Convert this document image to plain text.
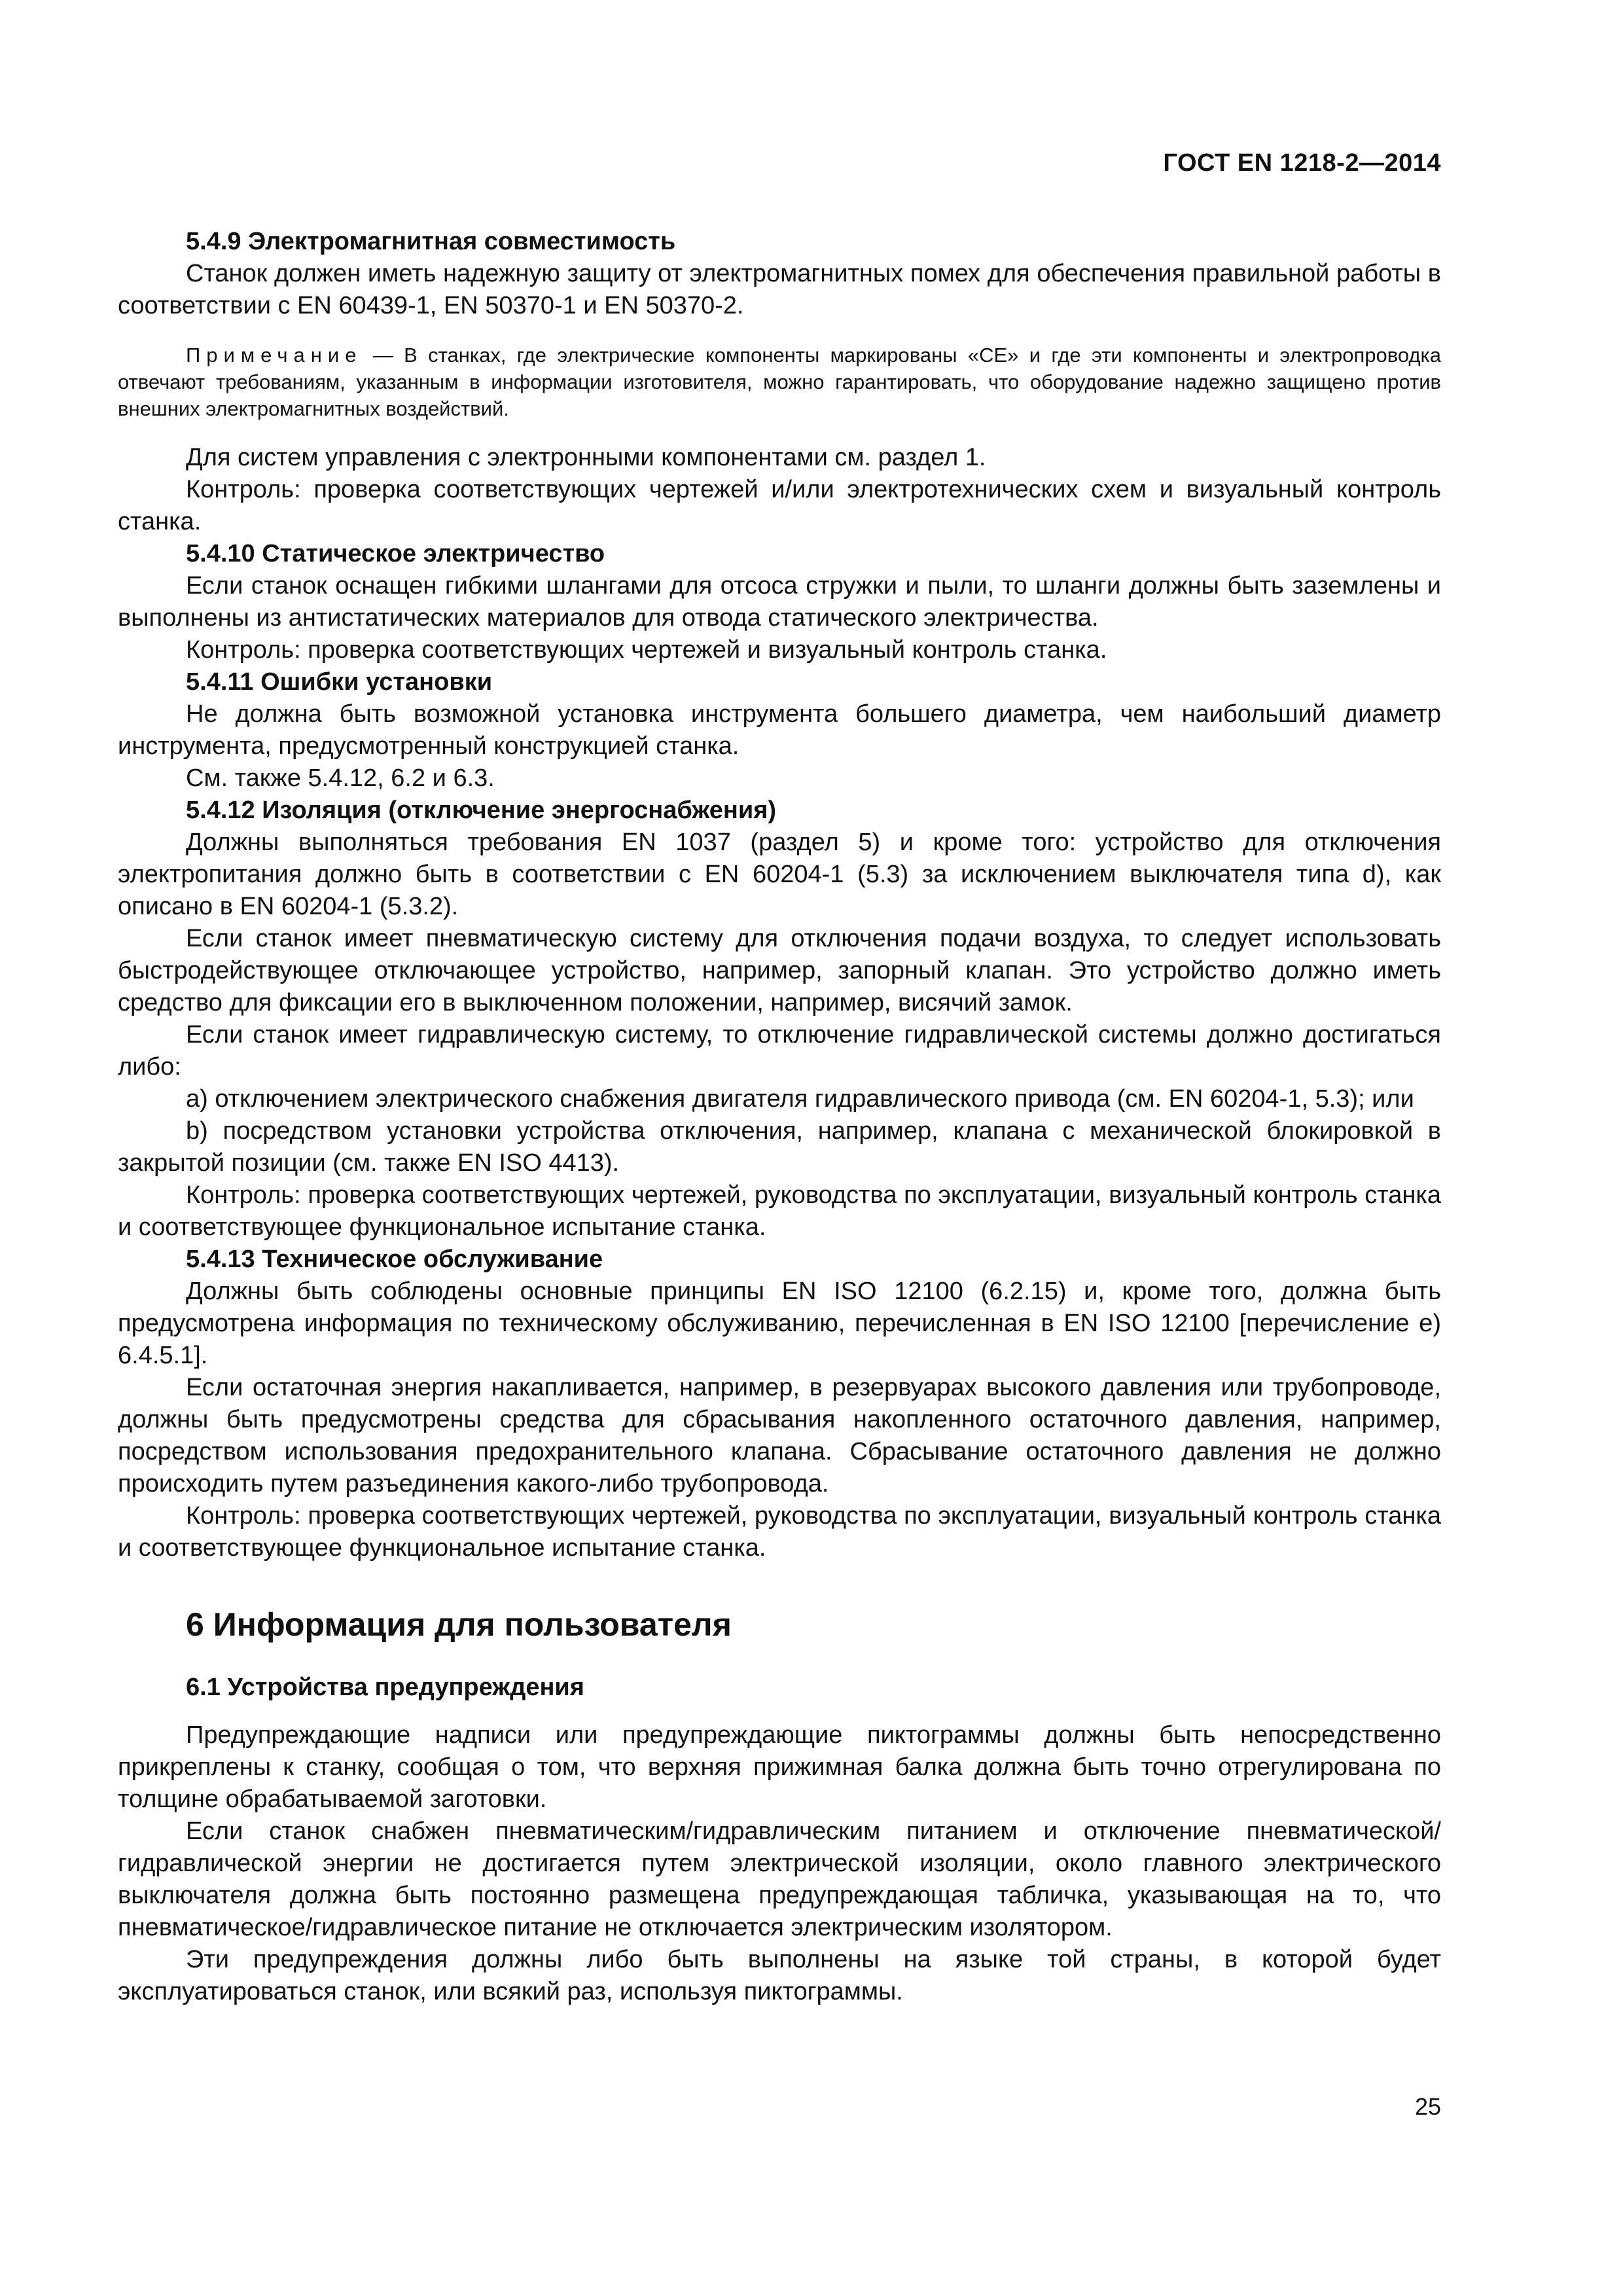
ГОСТ EN 1218-2—2014
5.4.9 Электромагнитная совместимость
Станок должен иметь надежную защиту от электромагнитных помех для обеспечения правильной работы в соответствии с EN 60439-1, EN 50370-1 и EN 50370-2.
Примечание — В станках, где электрические компоненты маркированы «СЕ» и где эти компоненты и электропроводка отвечают требованиям, указанным в информации изготовителя, можно гарантировать, что оборудование надежно защищено против внешних электромагнитных воздействий.
Для систем управления с электронными компонентами см. раздел 1.
Контроль: проверка соответствующих чертежей и/или электротехнических схем и визуальный контроль станка.
5.4.10 Статическое электричество
Если станок оснащен гибкими шлангами для отсоса стружки и пыли, то шланги должны быть заземлены и выполнены из антистатических материалов для отвода статического электричества.
Контроль: проверка соответствующих чертежей и визуальный контроль станка.
5.4.11 Ошибки установки
Не должна быть возможной установка инструмента большего диаметра, чем наибольший диаметр инструмента, предусмотренный конструкцией станка.
См. также 5.4.12, 6.2 и 6.3.
5.4.12 Изоляция (отключение энергоснабжения)
Должны выполняться требования EN 1037 (раздел 5) и кроме того: устройство для отключения электропитания должно быть в соответствии с EN 60204-1 (5.3) за исключением выключателя типа d), как описано в EN 60204-1 (5.3.2).
Если станок имеет пневматическую систему для отключения подачи воздуха, то следует использовать быстродействующее отключающее устройство, например, запорный клапан. Это устройство должно иметь средство для фиксации его в выключенном положении, например, висячий замок.
Если станок имеет гидравлическую систему, то отключение гидравлической системы должно достигаться либо:
a) отключением электрического снабжения двигателя гидравлического привода (см. EN 60204-1, 5.3); или
b) посредством установки устройства отключения, например, клапана с механической блокировкой в закрытой позиции (см. также EN ISO 4413).
Контроль: проверка соответствующих чертежей, руководства по эксплуатации, визуальный контроль станка и соответствующее функциональное испытание станка.
5.4.13 Техническое обслуживание
Должны быть соблюдены основные принципы EN ISO 12100 (6.2.15) и, кроме того, должна быть предусмотрена информация по техническому обслуживанию, перечисленная в EN ISO 12100 [перечисление e) 6.4.5.1].
Если остаточная энергия накапливается, например, в резервуарах высокого давления или трубопроводе, должны быть предусмотрены средства для сбрасывания накопленного остаточного давления, например, посредством использования предохранительного клапана. Сбрасывание остаточного давления не должно происходить путем разъединения какого-либо трубопровода.
Контроль: проверка соответствующих чертежей, руководства по эксплуатации, визуальный контроль станка и соответствующее функциональное испытание станка.
6 Информация для пользователя
6.1 Устройства предупреждения
Предупреждающие надписи или предупреждающие пиктограммы должны быть непосредственно прикреплены к станку, сообщая о том, что верхняя прижимная балка должна быть точно отрегулирована по толщине обрабатываемой заготовки.
Если станок снабжен пневматическим/гидравлическим питанием и отключение пневматической/гидравлической энергии не достигается путем электрической изоляции, около главного электрического выключателя должна быть постоянно размещена предупреждающая табличка, указывающая на то, что пневматическое/гидравлическое питание не отключается электрическим изолятором.
Эти предупреждения должны либо быть выполнены на языке той страны, в которой будет эксплуатироваться станок, или всякий раз, используя пиктограммы.
25
